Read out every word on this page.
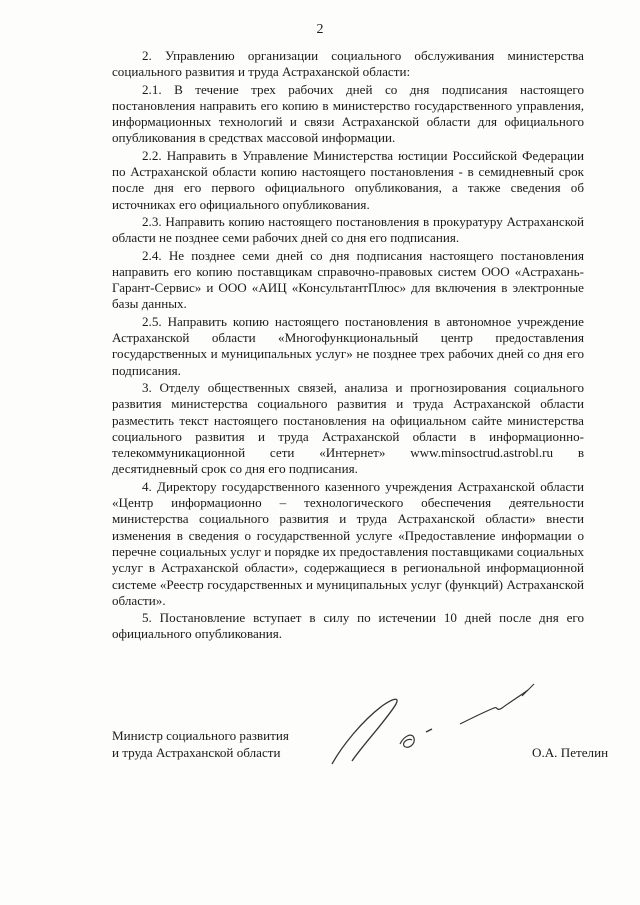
2

2. Управлению организации социального обслуживания министерства социального развития и труда Астраханской области:

2.1. В течение трех рабочих дней со дня подписания настоящего постановления направить его копию в министерство государственного управления, информационных технологий и связи Астраханской области для официального опубликования в средствах массовой информации.

2.2. Направить в Управление Министерства юстиции Российской Федерации по Астраханской области копию настоящего постановления - в семидневный срок после дня его первого официального опубликования, а также сведения об источниках его официального опубликования.

2.3. Направить копию настоящего постановления в прокуратуру Астраханской области не позднее семи рабочих дней со дня его подписания.

2.4. Не позднее семи дней со дня подписания настоящего постановления направить его копию поставщикам справочно-правовых систем ООО «Астрахань-Гарант-Сервис» и ООО «АИЦ «КонсультантПлюс» для включения в электронные базы данных.

2.5. Направить копию настоящего постановления в автономное учреждение Астраханской области «Многофункциональный центр предоставления государственных и муниципальных услуг» не позднее трех рабочих дней со дня его подписания.

3. Отделу общественных связей, анализа и прогнозирования социального развития министерства социального развития и труда Астраханской области разместить текст настоящего постановления на официальном сайте министерства социального развития и труда Астраханской области в информационно-телекоммуникационной сети «Интернет» www.minsoctrud.astrobl.ru в десятидневный срок со дня его подписания.

4. Директору государственного казенного учреждения Астраханской области «Центр информационно – технологического обеспечения деятельности министерства социального развития и труда Астраханской области» внести изменения в сведения о государственной услуге «Предоставление информации о перечне социальных услуг и порядке их предоставления поставщиками социальных услуг в Астраханской области», содержащиеся в региональной информационной системе «Реестр государственных и муниципальных услуг (функций) Астраханской области».

5. Постановление вступает в силу по истечении 10 дней после дня его официального опубликования.

Министр социального развития
и труда Астраханской области	О.А. Петелин
